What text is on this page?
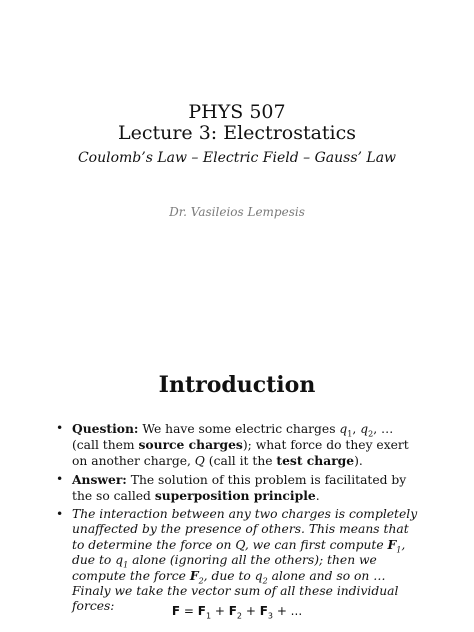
PHYS 507
Lecture 3: Electrostatics
Coulomb’s Law – Electric Field – Gauss’ Law
Dr. Vasileios Lempesis
Introduction
• Question: We have some electric charges $q_1$, $q_2$, … (call them source charges); what force do they exert on another charge, Q (call it the test charge).
• Answer: The solution of this problem is facilitated by the so called superposition principle.
• The interaction between any two charges is completely unaffected by the presence of others. This means that to determine the force on Q, we can first compute $F_1$, due to $q_1$ alone (ignoring all the others); then we compute the force $F_2$, due to $q_2$ alone and so on …Finaly we take the vector sum of all these individual forces:	$F = F_1 + F_2 + F_3$ + ...
